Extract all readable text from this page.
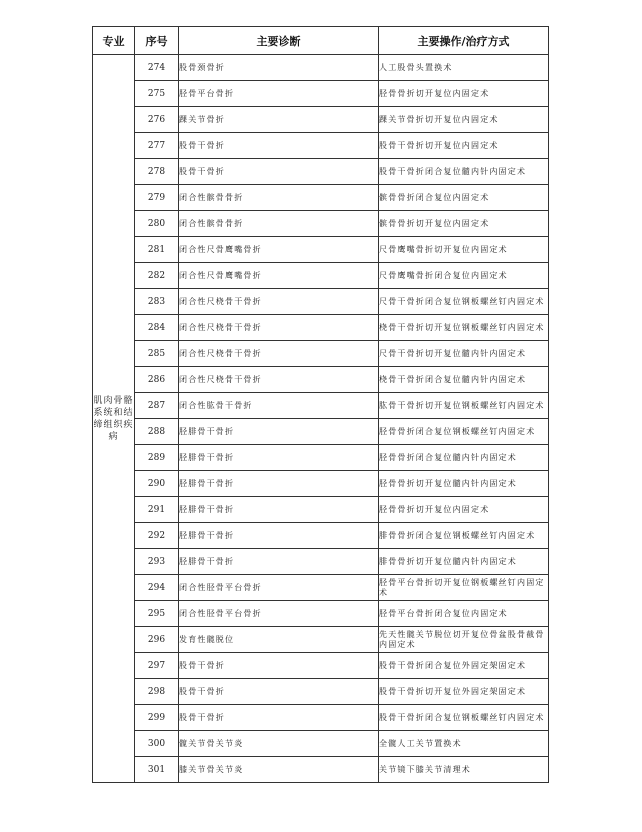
专业	序号	主要诊断	主要操作/治疗方式
肌肉骨骼系统和结缔组织疾病	274	股骨颈骨折	人工股骨头置换术
	275	胫骨平台骨折	胫骨骨折切开复位内固定术
	276	踝关节骨折	踝关节骨折切开复位内固定术
	277	股骨干骨折	股骨干骨折切开复位内固定术
	278	股骨干骨折	股骨干骨折闭合复位髓内针内固定术
	279	闭合性髌骨骨折	髌骨骨折闭合复位内固定术
	280	闭合性髌骨骨折	髌骨骨折切开复位内固定术
	281	闭合性尺骨鹰嘴骨折	尺骨鹰嘴骨折切开复位内固定术
	282	闭合性尺骨鹰嘴骨折	尺骨鹰嘴骨折闭合复位内固定术
	283	闭合性尺桡骨干骨折	尺骨干骨折闭合复位钢板螺丝钉内固定术
	284	闭合性尺桡骨干骨折	桡骨干骨折切开复位钢板螺丝钉内固定术
	285	闭合性尺桡骨干骨折	尺骨干骨折切开复位髓内针内固定术
	286	闭合性尺桡骨干骨折	桡骨干骨折闭合复位髓内针内固定术
	287	闭合性肱骨干骨折	肱骨干骨折切开复位钢板螺丝钉内固定术
	288	胫腓骨干骨折	胫骨骨折闭合复位钢板螺丝钉内固定术
	289	胫腓骨干骨折	胫骨骨折闭合复位髓内针内固定术
	290	胫腓骨干骨折	胫骨骨折切开复位髓内针内固定术
	291	胫腓骨干骨折	胫骨骨折切开复位内固定术
	292	胫腓骨干骨折	腓骨骨折闭合复位钢板螺丝钉内固定术
	293	胫腓骨干骨折	腓骨骨折切开复位髓内针内固定术
	294	闭合性胫骨平台骨折	胫骨平台骨折切开复位钢板螺丝钉内固定术
	295	闭合性胫骨平台骨折	胫骨平台骨折闭合复位内固定术
	296	发育性髋脱位	先天性髋关节脱位切开复位骨盆股骨截骨内固定术
	297	股骨干骨折	股骨干骨折闭合复位外固定架固定术
	298	股骨干骨折	股骨干骨折切开复位外固定架固定术
	299	股骨干骨折	股骨干骨折闭合复位钢板螺丝钉内固定术
	300	髋关节骨关节炎	全髋人工关节置换术
	301	膝关节骨关节炎	关节镜下膝关节清理术
